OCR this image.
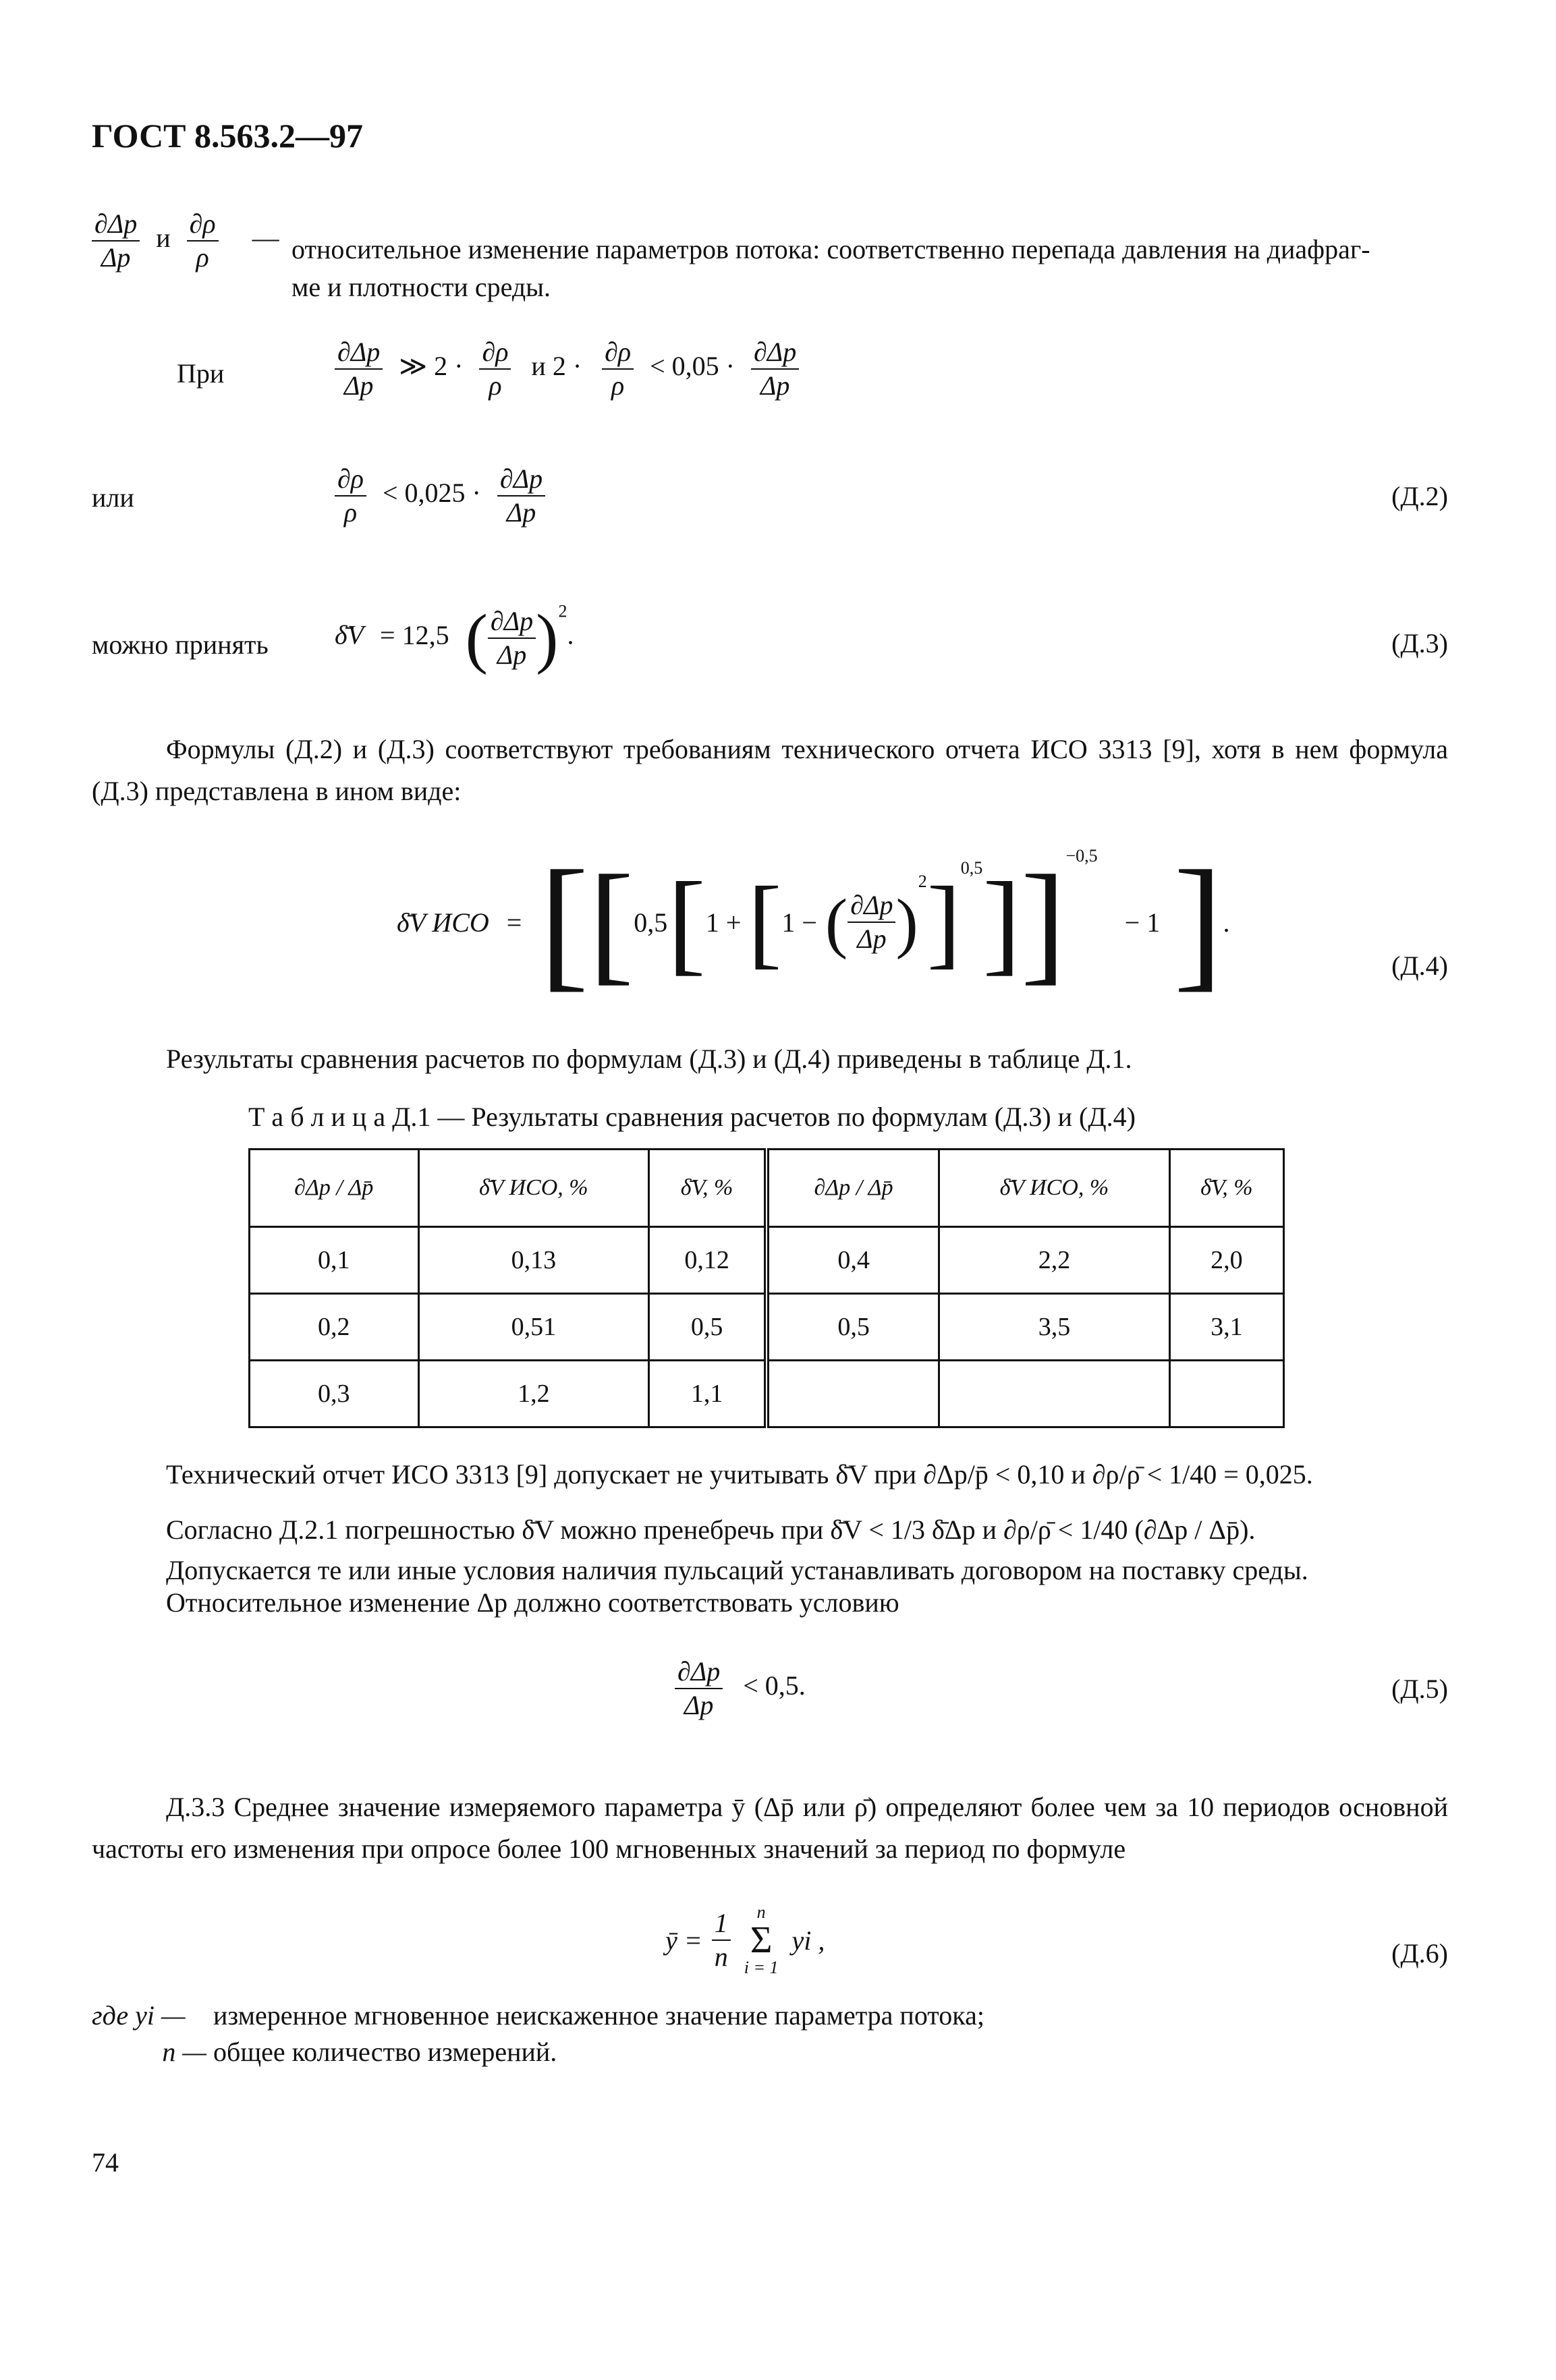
ГОСТ 8.563.2—97
$\frac{\partial\Delta p}{\Delta p}$ и $\frac{\partial\rho}{\rho}$ — относительное изменение параметров потока: соответственно перепада давления на диафраг-
ме и плотности среды.
При	$\frac{\partial\Delta p}{\Delta p}$ ≫ $2 \cdot \frac{\partial\rho}{\rho}$ и $2 \cdot \frac{\partial\rho}{\rho} < 0,05 \cdot \frac{\partial\Delta p}{\Delta p}$
или	$\frac{\partial\rho}{\rho} < 0,025 \cdot \frac{\partial\Delta p}{\Delta p}$	(Д.2)
можно принять δ̄V = 12,5 ( $\frac{\partial\Delta p}{\Delta p} )^2$.	(Д.3)
Формулы (Д.2) и (Д.3) соответствуют требованиям технического отчета ИСО 3313 [9], хотя в нем формула (Д.3) представлена в ином виде:
δ̄V ИСО = [ [ 0,5 [ 1 + [ 1 − ( $\frac{\partial\Delta p}{\Delta p}$ )
2 ] 0,5 ] ] −0,5
− 1 ] .
(Д.4)
Результаты сравнения расчетов по формулам (Д.3) и (Д.4) приведены в таблице Д.1.
Т а б л и ц а Д.1 — Результаты сравнения расчетов по формулам (Д.3) и (Д.4)
∂Δp / Δp̄	δ̄V ИСО, %	δ̄V, %	∂Δp / Δp̄	δ̄V ИСО, %	δ̄V, %
0,1	0,13	0,12	0,4	2,2	2,0
0,2	0,51	0,5	0,5	3,5	3,1
0,3	1,2	1,1			
Технический отчет ИСО 3313 [9] допускает не учитывать δ̄V при ∂Δp/p̄ < 0,10 и ∂ρ/ρ̄ < 1/40 = 0,025.
Согласно Д.2.1 погрешностью δ̄V можно пренебречь при δ̄V < 1/3 δ̄Δp и ∂ρ/ρ̄ < 1/40 (∂Δp / Δp̄).
Допускается те или иные условия наличия пульсаций устанавливать договором на поставку среды.
Относительное изменение Δp должно соответствовать условию
$\frac{\partial\Delta p}{\Delta p} < 0,5$.	(Д.5)
Д.3.3 Среднее значение измеряемого параметра ȳ (Δp̄ или ρ̄) определяют более чем за 10 периодов основной частоты его изменения при опросе более 100 мгновенных значений за период по формуле
ȳ = $\frac{1}{n}$ n
Σ
i = 1
yi ,	(Д.6)
где yi — измеренное мгновенное неискаженное значение параметра потока;
n — общее количество измерений.
74
